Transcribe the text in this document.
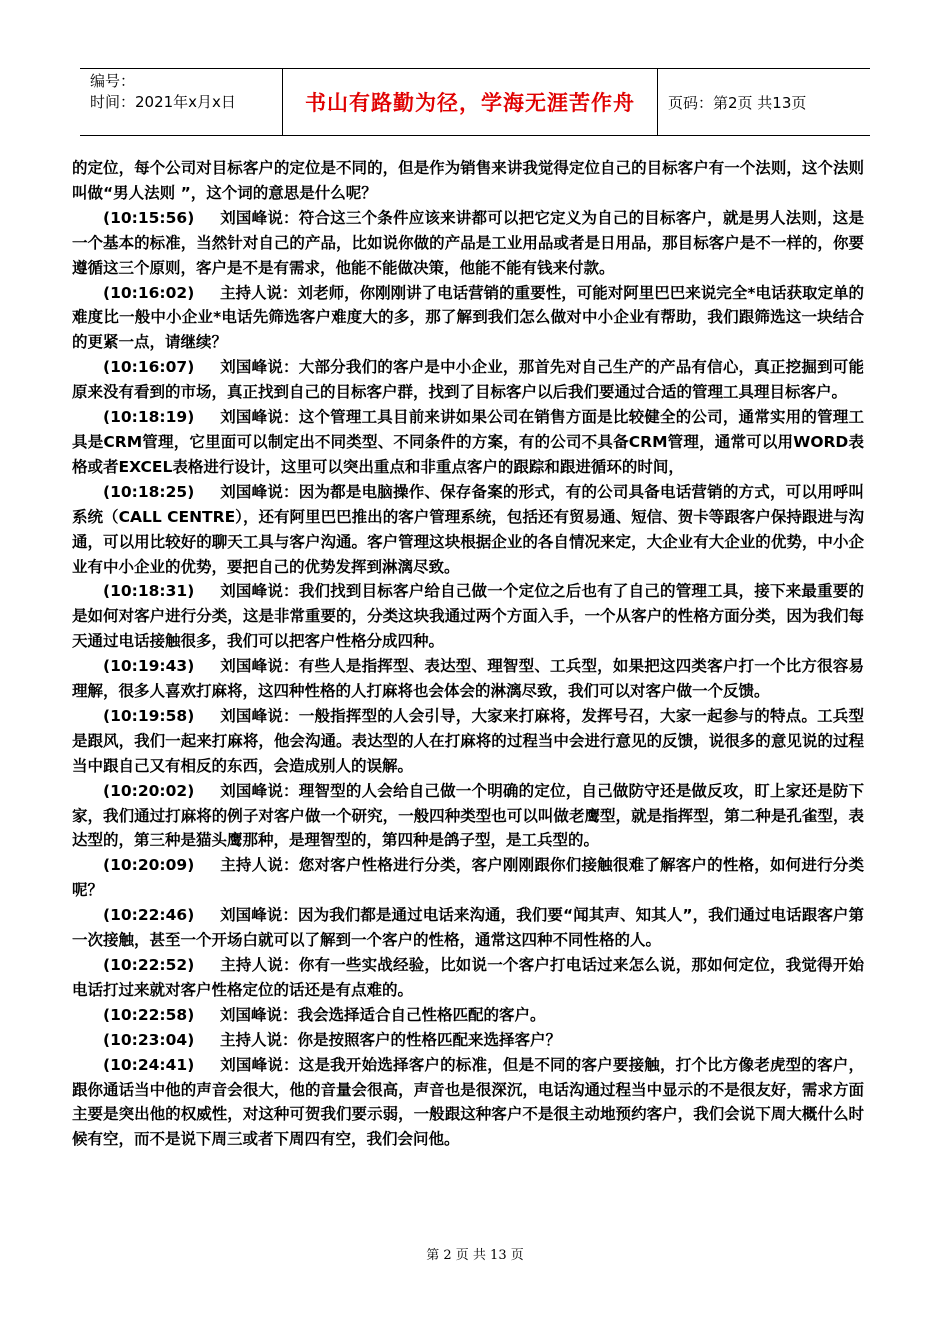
编号：
时间：2021年x月x日	书山有路勤为径，学海无涯苦作舟	页码：第2页 共13页

的定位，每个公司对目标客户的定位是不同的，但是作为销售来讲我觉得定位自己的目标客户有一个法则，这个法则叫做“男人法则 ”，这个词的意思是什么呢？

(10:15:56) 刘国峰说：符合这三个条件应该来讲都可以把它定义为自己的目标客户，就是男人法则，这是一个基本的标准，当然针对自己的产品，比如说你做的产品是工业用品或者是日用品，那目标客户是不一样的，你要遵循这三个原则，客户是不是有需求，他能不能做决策，他能不能有钱来付款。

(10:16:02) 主持人说：刘老师，你刚刚讲了电话营销的重要性，可能对阿里巴巴来说完全*电话获取定单的难度比一般中小企业*电话先筛选客户难度大的多，那了解到我们怎么做对中小企业有帮助，我们跟筛选这一块结合的更紧一点，请继续？

(10:16:07) 刘国峰说：大部分我们的客户是中小企业，那首先对自己生产的产品有信心，真正挖掘到可能原来没有看到的市场，真正找到自己的目标客户群，找到了目标客户以后我们要通过合适的管理工具理目标客户。

(10:18:19) 刘国峰说：这个管理工具目前来讲如果公司在销售方面是比较健全的公司，通常实用的管理工具是CRM管理，它里面可以制定出不同类型、不同条件的方案，有的公司不具备CRM管理，通常可以用WORD表格或者EXCEL表格进行设计，这里可以突出重点和非重点客户的跟踪和跟进循环的时间，

(10:18:25) 刘国峰说：因为都是电脑操作、保存备案的形式，有的公司具备电话营销的方式，可以用呼叫系统（CALL CENTRE），还有阿里巴巴推出的客户管理系统，包括还有贸易通、短信、贺卡等跟客户保持跟进与沟通，可以用比较好的聊天工具与客户沟通。客户管理这块根据企业的各自情况来定，大企业有大企业的优势，中小企业有中小企业的优势，要把自己的优势发挥到淋漓尽致。

(10:18:31) 刘国峰说：我们找到目标客户给自己做一个定位之后也有了自己的管理工具，接下来最重要的是如何对客户进行分类，这是非常重要的，分类这块我通过两个方面入手，一个从客户的性格方面分类，因为我们每天通过电话接触很多，我们可以把客户性格分成四种。

(10:19:43) 刘国峰说：有些人是指挥型、表达型、理智型、工兵型，如果把这四类客户打一个比方很容易理解，很多人喜欢打麻将，这四种性格的人打麻将也会体会的淋漓尽致，我们可以对客户做一个反馈。

(10:19:58) 刘国峰说：一般指挥型的人会引导，大家来打麻将，发挥号召，大家一起参与的特点。工兵型是跟风，我们一起来打麻将，他会沟通。表达型的人在打麻将的过程当中会进行意见的反馈，说很多的意见说的过程当中跟自己又有相反的东西，会造成别人的误解。

(10:20:02) 刘国峰说：理智型的人会给自己做一个明确的定位，自己做防守还是做反攻，盯上家还是防下家，我们通过打麻将的例子对客户做一个研究，一般四种类型也可以叫做老鹰型，就是指挥型，第二种是孔雀型，表达型的，第三种是猫头鹰那种，是理智型的，第四种是鸽子型，是工兵型的。

(10:20:09) 主持人说：您对客户性格进行分类，客户刚刚跟你们接触很难了解客户的性格，如何进行分类呢？

(10:22:46) 刘国峰说：因为我们都是通过电话来沟通，我们要“闻其声、知其人”，我们通过电话跟客户第一次接触，甚至一个开场白就可以了解到一个客户的性格，通常这四种不同性格的人。

(10:22:52) 主持人说：你有一些实战经验，比如说一个客户打电话过来怎么说，那如何定位，我觉得开始电话打过来就对客户性格定位的话还是有点难的。

(10:22:58) 刘国峰说：我会选择适合自己性格匹配的客户。

(10:23:04) 主持人说：你是按照客户的性格匹配来选择客户？

(10:24:41) 刘国峰说：这是我开始选择客户的标准，但是不同的客户要接触，打个比方像老虎型的客户，跟你通话当中他的声音会很大，他的音量会很高，声音也是很深沉，电话沟通过程当中显示的不是很友好，需求方面主要是突出他的权威性，对这种可贺我们要示弱，一般跟这种客户不是很主动地预约客户，我们会说下周大概什么时候有空，而不是说下周三或者下周四有空，我们会问他。

第 2 页 共 13 页
